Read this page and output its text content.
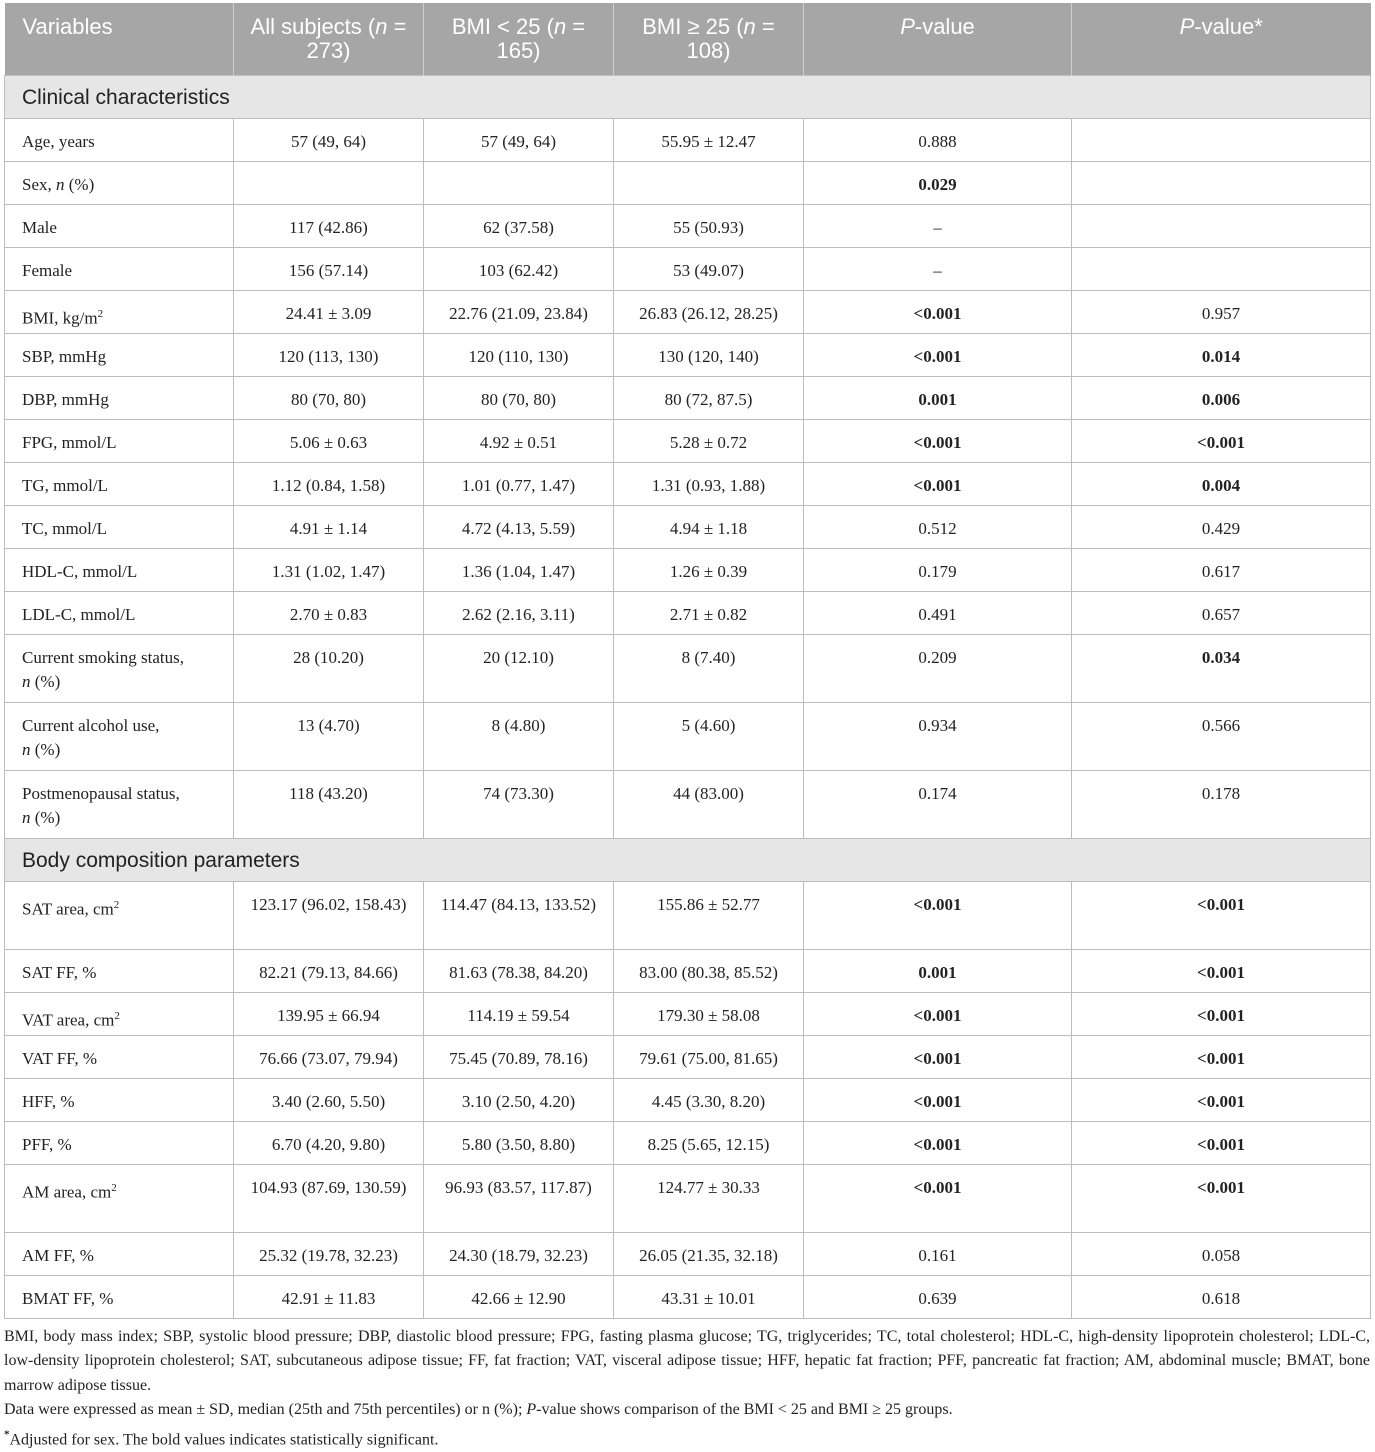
Variables	All subjects (n = 273)	BMI < 25 (n = 165)	BMI ≥ 25 (n = 108)	P-value	P-value*
Clinical characteristics					
Age, years	57 (49, 64)	57 (49, 64)	55.95 ± 12.47	0.888	
Sex, n (%)				0.029	
Male	117 (42.86)	62 (37.58)	55 (50.93)	–	
Female	156 (57.14)	103 (62.42)	53 (49.07)	–	
BMI, $kg/m^2$	24.41 ± 3.09	22.76 (21.09, 23.84)	26.83 (26.12, 28.25)	<0.001	0.957
SBP, mmHg	120 (113, 130)	120 (110, 130)	130 (120, 140)	<0.001	0.014
DBP, mmHg	80 (70, 80)	80 (70, 80)	80 (72, 87.5)	0.001	0.006
FPG, mmol/L	5.06 ± 0.63	4.92 ± 0.51	5.28 ± 0.72	<0.001	<0.001
TG, mmol/L	1.12 (0.84, 1.58)	1.01 (0.77, 1.47)	1.31 (0.93, 1.88)	<0.001	0.004
TC, mmol/L	4.91 ± 1.14	4.72 (4.13, 5.59)	4.94 ± 1.18	0.512	0.429
HDL-C, mmol/L	1.31 (1.02, 1.47)	1.36 (1.04, 1.47)	1.26 ± 0.39	0.179	0.617
LDL-C, mmol/L	2.70 ± 0.83	2.62 (2.16, 3.11)	2.71 ± 0.82	0.491	0.657
Current smoking status,
n (%)	28 (10.20)	20 (12.10)	8 (7.40)	0.209	0.034
Current alcohol use,
n (%)	13 (4.70)	8 (4.80)	5 (4.60)	0.934	0.566
Postmenopausal status,
n (%)	118 (43.20)	74 (73.30)	44 (83.00)	0.174	0.178
Body composition parameters					
SAT area, $cm^2$	123.17 (96.02, 158.43)	114.47 (84.13, 133.52)	155.86 ± 52.77	<0.001	<0.001
SAT FF, %	82.21 (79.13, 84.66)	81.63 (78.38, 84.20)	83.00 (80.38, 85.52)	0.001	<0.001
VAT area, $cm^2$	139.95 ± 66.94	114.19 ± 59.54	179.30 ± 58.08	<0.001	<0.001
VAT FF, %	76.66 (73.07, 79.94)	75.45 (70.89, 78.16)	79.61 (75.00, 81.65)	<0.001	<0.001
HFF, %	3.40 (2.60, 5.50)	3.10 (2.50, 4.20)	4.45 (3.30, 8.20)	<0.001	<0.001
PFF, %	6.70 (4.20, 9.80)	5.80 (3.50, 8.80)	8.25 (5.65, 12.15)	<0.001	<0.001
AM area, $cm^2$	104.93 (87.69, 130.59)	96.93 (83.57, 117.87)	124.77 ± 30.33	<0.001	<0.001
AM FF, %	25.32 (19.78, 32.23)	24.30 (18.79, 32.23)	26.05 (21.35, 32.18)	0.161	0.058
BMAT FF, %	42.91 ± 11.83	42.66 ± 12.90	43.31 ± 10.01	0.639	0.618

BMI, body mass index; SBP, systolic blood pressure; DBP, diastolic blood pressure; FPG, fasting plasma glucose; TG, triglycerides; TC, total cholesterol; HDL-C, high-density lipoprotein cholesterol; LDL-C, low-density lipoprotein cholesterol; SAT, subcutaneous adipose tissue; FF, fat fraction; VAT, visceral adipose tissue; HFF, hepatic fat fraction; PFF, pancreatic fat fraction; AM, abdominal muscle; BMAT, bone marrow adipose tissue.

Data were expressed as mean ± SD, median (25th and 75th percentiles) or n (%); P-value shows comparison of the BMI < 25 and BMI ≥ 25 groups.

*Adjusted for sex. The bold values indicates statistically significant.
